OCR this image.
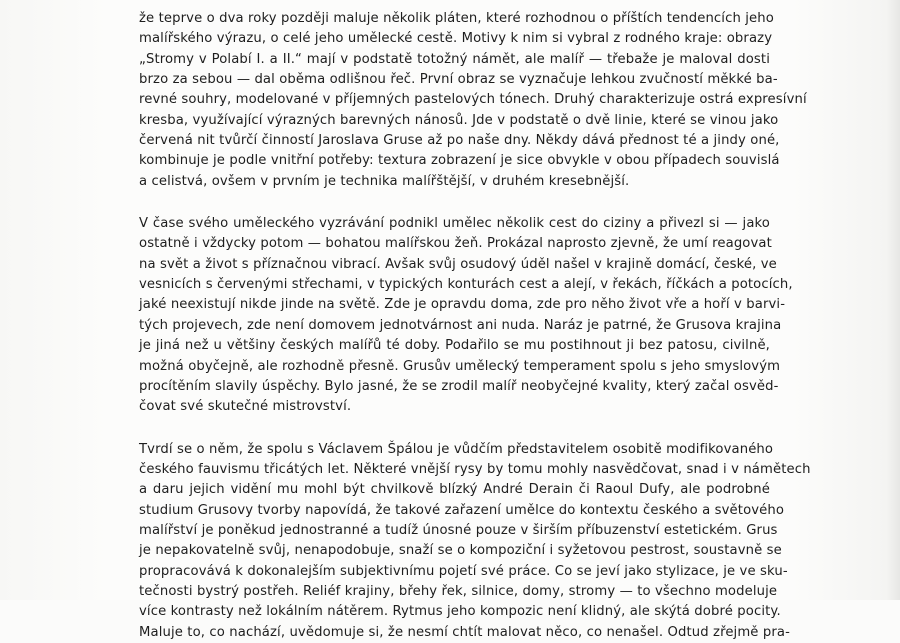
že teprve o dva roky později maluje několik pláten, které rozhodnou o příštích tendencích jeho
malířského výrazu, o celé jeho umělecké cestě. Motivy k nim si vybral z rodného kraje: obrazy
„Stromy v Polabí I. a II.“ mají v podstatě totožný námět, ale malíř — třebaže je maloval dosti
brzo za sebou — dal oběma odlišnou řeč. První obraz se vyznačuje lehkou zvučností měkké ba-
revné souhry, modelované v příjemných pastelových tónech. Druhý charakterizuje ostrá expresívní
kresba, využívající výrazných barevných nánosů. Jde v podstatě o dvě linie, které se vinou jako
červená nit tvůrčí činností Jaroslava Gruse až po naše dny. Někdy dává přednost té a jindy oné,
kombinuje je podle vnitřní potřeby: textura zobrazení je sice obvykle v obou případech souvislá
a celistvá, ovšem v prvním je technika malířštější, v druhém kresebnější.
V čase svého uměleckého vyzrávání podnikl umělec několik cest do ciziny a přivezl si — jako
ostatně i vždycky potom — bohatou malířskou žeň. Prokázal naprosto zjevně, že umí reagovat
na svět a život s příznačnou vibrací. Avšak svůj osudový úděl našel v krajině domácí, české, ve
vesnicích s červenými střechami, v typických konturách cest a alejí, v řekách, říčkách a potocích,
jaké neexistují nikde jinde na světě. Zde je opravdu doma, zde pro něho život vře a hoří v barvi-
tých projevech, zde není domovem jednotvárnost ani nuda. Naráz je patrné, že Grusova krajina
je jiná než u většiny českých malířů té doby. Podařilo se mu postihnout ji bez patosu, civilně,
možná obyčejně, ale rozhodně přesně. Grusův umělecký temperament spolu s jeho smyslovým
procítěním slavily úspěchy. Bylo jasné, že se zrodil malíř neobyčejné kvality, který začal osvěd-
čovat své skutečné mistrovství.
Tvrdí se o něm, že spolu s Václavem Špálou je vůdčím představitelem osobitě modifikovaného
českého fauvismu třicátých let. Některé vnější rysy by tomu mohly nasvědčovat, snad i v námětech
a daru jejich vidění mu mohl být chvilkově blízký André Derain či Raoul Dufy, ale podrobné
studium Grusovy tvorby napovídá, že takové zařazení umělce do kontextu českého a světového
malířství je poněkud jednostranné a tudíž únosné pouze v širším příbuzenství estetickém. Grus
je nepakovatelně svůj, nenapodobuje, snaží se o kompoziční i syžetovou pestrost, soustavně se
propracovává k dokonalejším subjektivnímu pojetí své práce. Co se jeví jako stylizace, je ve sku-
tečnosti bystrý postřeh. Reliéf krajiny, břehy řek, silnice, domy, stromy — to všechno modeluje
více kontrasty než lokálním nátěrem. Rytmus jeho kompozic není klidný, ale skýtá dobré pocity.
Maluje to, co nachází, uvědomuje si, že nesmí chtít malovat něco, co nenašel. Odtud zřejmě pra-
